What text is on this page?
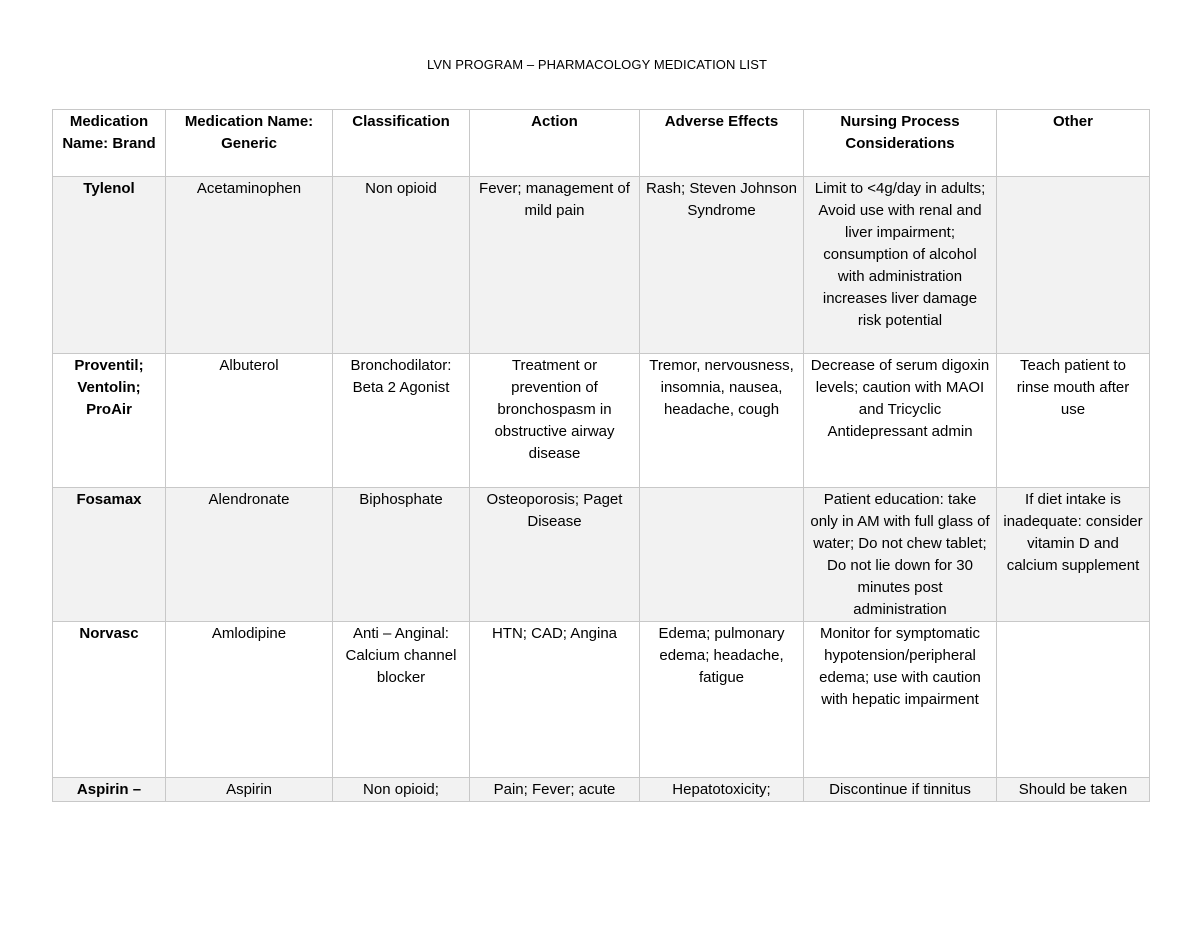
LVN PROGRAM – PHARMACOLOGY MEDICATION LIST
Medication Name: Brand	Medication Name: Generic	Classification	Action	Adverse Effects	Nursing Process Considerations	Other
Tylenol	Acetaminophen	Non opioid	Fever; management of mild pain	Rash; Steven Johnson Syndrome	Limit to <4g/day in adults; Avoid use with renal and liver impairment; consumption of alcohol with administration increases liver damage risk potential	
Proventil; Ventolin; ProAir	Albuterol	Bronchodilator: Beta 2 Agonist	Treatment or prevention of bronchospasm in obstructive airway disease	Tremor, nervousness, insomnia, nausea, headache, cough	Decrease of serum digoxin levels; caution with MAOI and Tricyclic Antidepressant admin	Teach patient to rinse mouth after use
Fosamax	Alendronate	Biphosphate	Osteoporosis; Paget Disease		Patient education: take only in AM with full glass of water; Do not chew tablet; Do not lie down for 30 minutes post administration	If diet intake is inadequate: consider vitamin D and calcium supplement
Norvasc	Amlodipine	Anti – Anginal: Calcium channel blocker	HTN; CAD; Angina	Edema; pulmonary edema; headache, fatigue	Monitor for symptomatic hypotension/peripheral edema; use with caution with hepatic impairment	
Aspirin –	Aspirin	Non opioid;	Pain; Fever; acute	Hepatotoxicity;	Discontinue if tinnitus	Should be taken
